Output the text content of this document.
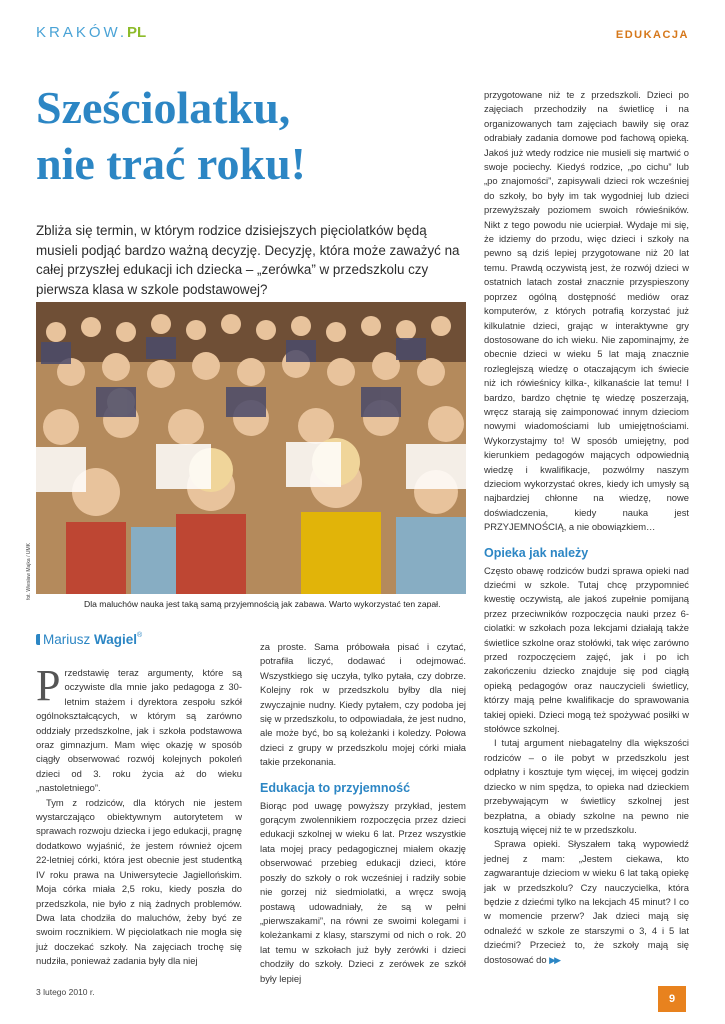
KRAKÓW.PL	EDUKACJA
Sześciolatku,
nie trać roku!

Zbliża się termin, w którym rodzice dzisiejszych pięciolatków będą musieli podjąć bardzo ważną decyzję. Decyzję, która może zaważyć na całej przyszłej edukacji ich dziecka – „zerówka” w przedszkolu czy pierwsza klasa w szkole podstawowej?

fot. Wiesław Majka / UMK
Dla maluchów nauka jest taką samą przyjemnością jak zabawa. Warto wykorzystać ten zapał.
Mariusz Wagiel®

Przedstawię teraz argumenty, które są oczywiste dla mnie jako pedagoga z 30-letnim stażem i dyrektora zespołu szkół ogólnokształcących, w którym są zarówno oddziały przedszkolne, jak i szkoła podstawowa oraz gimnazjum. Mam więc okazję w sposób ciągły obserwować rozwój kolejnych pokoleń dzieci od 3. roku życia aż do wieku „nastoletniego”.

Tym z rodziców, dla których nie jestem wystarczająco obiektywnym autorytetem w sprawach rozwoju dziecka i jego edukacji, pragnę dodatkowo wyjaśnić, że jestem również ojcem 22-letniej córki, która jest obecnie jest studentką IV roku prawa na Uniwersytecie Jagiellońskim. Moja córka miała 2,5 roku, kiedy poszła do przedszkola, nie było z nią żadnych problemów. Dwa lata chodziła do maluchów, żeby być ze swoim rocznikiem. W pięciolatkach nie mogła się już doczekać szkoły. Na zajęciach trochę się nudziła, ponieważ zadania były dla niej

za proste. Sama próbowała pisać i czytać, potrafiła liczyć, dodawać i odejmować. Wszystkiego się uczyła, tylko pytała, czy dobrze. Kolejny rok w przedszkolu byłby dla niej zwyczajnie nudny. Kiedy pytałem, czy podoba jej się w przedszkolu, to odpowiadała, że jest nudno, ale może być, bo są koleżanki i koledzy. Połowa dzieci z grupy w przedszkolu mojej córki miała takie przekonania.

Edukacja to przyjemność

Biorąc pod uwagę powyższy przykład, jestem gorącym zwolennikiem rozpoczęcia przez dzieci edukacji szkolnej w wieku 6 lat. Przez wszystkie lata mojej pracy pedagogicznej miałem okazję obserwować przebieg edukacji dzieci, które poszły do szkoły o rok wcześniej i radziły sobie nie gorzej niż siedmiolatki, a wręcz swoją postawą udowadniały, że są w pełni „pierwszakami”, na równi ze swoimi kolegami i koleżankami z klasy, starszymi od nich o rok. 20 lat temu w szkołach już były zerówki i dzieci chodziły do szkoły. Dzieci z zerówek ze szkół były lepiej

przygotowane niż te z przedszkoli. Dzieci po zajęciach przechodziły na świetlicę i na organizowanych tam zajęciach bawiły się oraz odrabiały zadania domowe pod fachową opieką. Jakoś już wtedy rodzice nie musieli się martwić o swoje pociechy. Kiedyś rodzice, „po cichu” lub „po znajomości”, zapisywali dzieci rok wcześniej do szkoły, bo były im tak wygodniej lub dzieci przewyższały poziomem swoich rówieśników. Nikt z tego powodu nie ucierpiał. Wydaje mi się, że idziemy do przodu, więc dzieci i szkoły na pewno są dziś lepiej przygotowane niż 20 lat temu. Prawdą oczywistą jest, że rozwój dzieci w ostatnich latach został znacznie przyspieszony poprzez ogólną dostępność mediów oraz komputerów, z których potrafią korzystać już kilkulatnie dzieci, grając w interaktywne gry dostosowane do ich wieku. Nie zapominajmy, że obecnie dzieci w wieku 5 lat mają znacznie rozleglejszą wiedzę o otaczającym ich świecie niż ich rówieśnicy kilka-, kilkanaście lat temu! I bardzo, bardzo chętnie tę wiedzę poszerzają, wręcz starają się zaimponować innym dzieciom nowymi wiadomościami lub umiejętnościami. Wykorzystajmy to! W sposób umiejętny, pod kierunkiem pedagogów mających odpowiednią wiedzę i kwalifikacje, pozwólmy naszym dzieciom wykorzystać okres, kiedy ich umysły są najbardziej chłonne na wiedzę, nowe doświadczenia, kiedy nauka jest PRZYJEMNOŚCIĄ, a nie obowiązkiem…

Opieka jak należy

Częstо obawę rodziców budzi sprawa opieki nad dziećmi w szkole. Tutaj chcę przypomnieć kwestię oczywistą, ale jakoś zupełnie pomijaną przez przeciwników rozpoczęcia nauki przez 6-ciolatki: w szkołach poza lekcjami działają także świetlice szkolne oraz stołówki, tak więc zarówno przed rozpoczęciem zajęć, jak i po ich zakończeniu dziecko znajduje się pod ciągłą opieką pedagogów oraz nauczycieli świetlicy, którzy mają pełne kwalifikacje do sprawowania takiej opieki. Dzieci mogą też spożywać posiłki w stołówce szkolnej.

I tutaj argument niebagatelny dla większości rodziców – o ile pobyt w przedszkolu jest odpłatny i kosztuje tym więcej, im więcej godzin dziecko w nim spędza, to opieka nad dzieckiem przebywającym w świetlicy szkolnej jest bezpłatna, a obiady szkolne na pewno nie kosztują więcej niż te w przedszkolu.

Sprawa opieki. Słyszałem taką wypowiedź jednej z mam: „Jestem ciekawa, kto zagwarantuje dzieciom w wieku 6 lat taką opiekę jak w przedszkolu? Czy nauczycielka, która będzie z dziećmi tylko na lekcjach 45 minut? I co w momencie przerw? Jak dzieci mają się odnaleźć w szkole ze starszymi o 3, 4 i 5 lat dziećmi? Przecież to, że szkoły mają się dostosować do ▶▶

3 lutego 2010 r.
9
